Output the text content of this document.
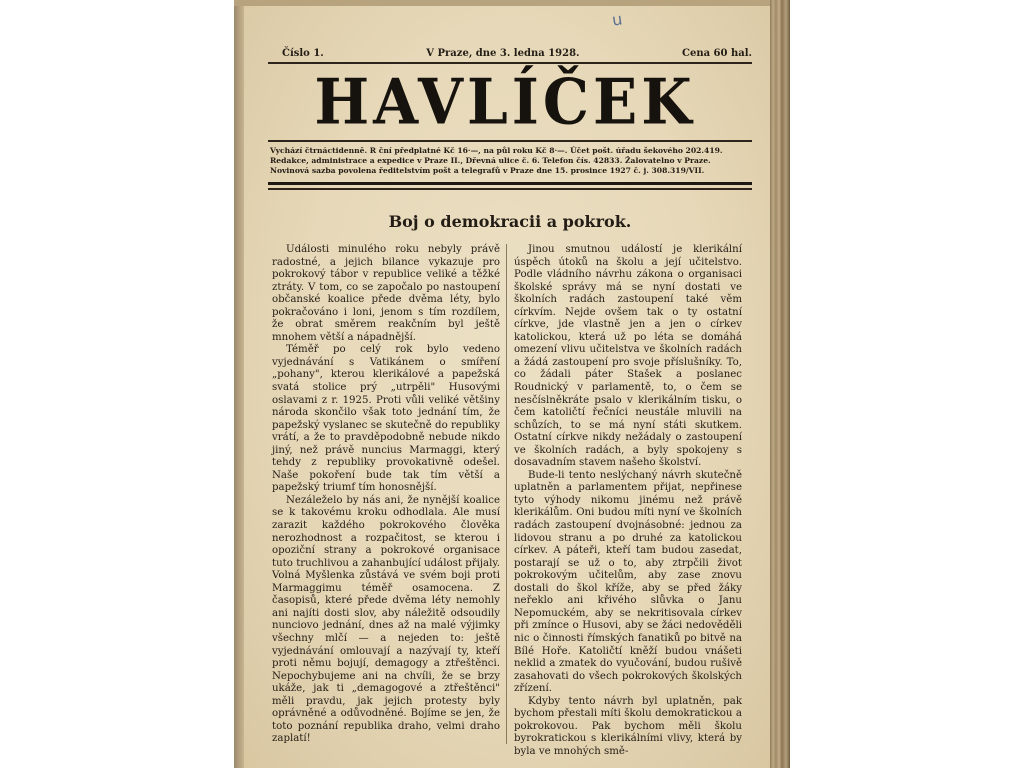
u
Číslo 1.	V Praze, dne 3. ledna 1928.	Cena 60 hal.
HAVLÍČEK
Vychází čtrnáctidenně. R ční předplatné Kč 16·—, na půl roku Kč 8·—. Účet pošt. úřadu šekového 202.419.
Redakce, administrace a expedice v Praze II., Dřevná ulice č. 6. Telefon čís. 42833. Žalovatelno v Praze.
Novinová sazba povolena ředitelstvím pošt a telegrafů v Praze dne 15. prosince 1927 č. j. 308.319/VII.
Boj o demokracii a pokrok.

Události minulého roku nebyly právě radostné, a jejich bilance vykazuje pro pokrokový tábor v republice veliké a těžké ztráty. V tom, co se započalo po nastoupení občanské koalice přede dvěma léty, bylo pokračováno i loni, jenom s tím rozdílem, že obrat směrem reakčním byl ještě mnohem větší a nápadnější.

Téměř po celý rok bylo vedeno vyjednávání s Vatikánem o smíření „pohany", kterou klerikálové a papežská svatá stolice prý „utrpěli" Husovými oslavami z r. 1925. Proti vůli veliké většiny národa skončilo však toto jednání tím, že papežský vyslanec se skutečně do republiky vrátí, a že to pravděpodobně nebude nikdo jiný, než právě nuncius Marmaggi, který tehdy z republiky provokativně odešel. Naše pokoření bude tak tím větší a papežský triumf tím honosnější.

Nezáleželo by nás ani, že nynější koalice se k takovému kroku odhodlala. Ale musí zarazit každého pokrokového člověka nerozhodnost a rozpačitost, se kterou i opoziční strany a pokrokové organisace tuto truchlivou a zahanbující událost přijaly. Volná Myšlenka zůstává ve svém boji proti Marmaggimu téměř osamocena. Z časopisů, které přede dvěma léty nemohly ani najíti dosti slov, aby náležitě odsoudily nunciovo jednání, dnes až na malé výjimky všechny mlčí — a nejeden to: ještě vyjednávání omlouvají a nazývají ty, kteří proti němu bojují, demagogy a ztřeštěnci. Nepochybujeme ani na chvíli, že se brzy ukáže, jak ti „demagogové a ztřeštěnci" měli pravdu, jak jejich protesty byly oprávněné a odůvodněné. Bojíme se jen, že toto poznání republika draho, velmi draho zaplatí!

Jinou smutnou událostí je klerikální úspěch útoků na školu a její učitelstvo. Podle vládního návrhu zákona o organisaci školské správy má se nyní dostati ve školních radách zastoupení také věm církvím. Nejde ovšem tak o ty ostatní církve, jde vlastně jen a jen o církev katolickou, která už po léta se domáhá omezení vlivu učitelstva ve školních radách a žádá zastoupení pro svoje příslušníky. To, co žádali páter Stašek a poslanec Roudnický v parlamentě, to, o čem se nesčíslněkráte psalo v klerikálním tisku, o čem katoličtí řečníci neustále mluvili na schůzích, to se má nyní státi skutkem. Ostatní církve nikdy nežádaly o zastoupení ve školních radách, a byly spokojeny s dosavadním stavem našeho školství.

Bude-li tento neslýchaný návrh skutečně uplatněn a parlamentem přijat, nepřinese tyto výhody nikomu jinému než právě klerikálům. Oni budou míti nyní ve školních radách zastoupení dvojnásobné: jednou za lidovou stranu a po druhé za katolickou církev. A páteři, kteří tam budou zasedat, postarají se už o to, aby ztrpčili život pokrokovým učitelům, aby zase znovu dostali do škol kříže, aby se před žáky neřeklo ani křivého slůvka o Janu Nepomuckém, aby se nekritisovala církev při zmínce o Husovi, aby se žáci nedověděli nic o činnosti římských fanatiků po bitvě na Bílé Hoře. Katoličtí kněží budou vnášeti neklid a zmatek do vyučování, budou rušivě zasahovati do všech pokrokových školských zřízení.

Kdyby tento návrh byl uplatněn, pak bychom přestali míti školu demokratickou a pokrokovou. Pak bychom měli školu byrokratickou s klerikálními vlivy, která by byla ve mnohých smě-
